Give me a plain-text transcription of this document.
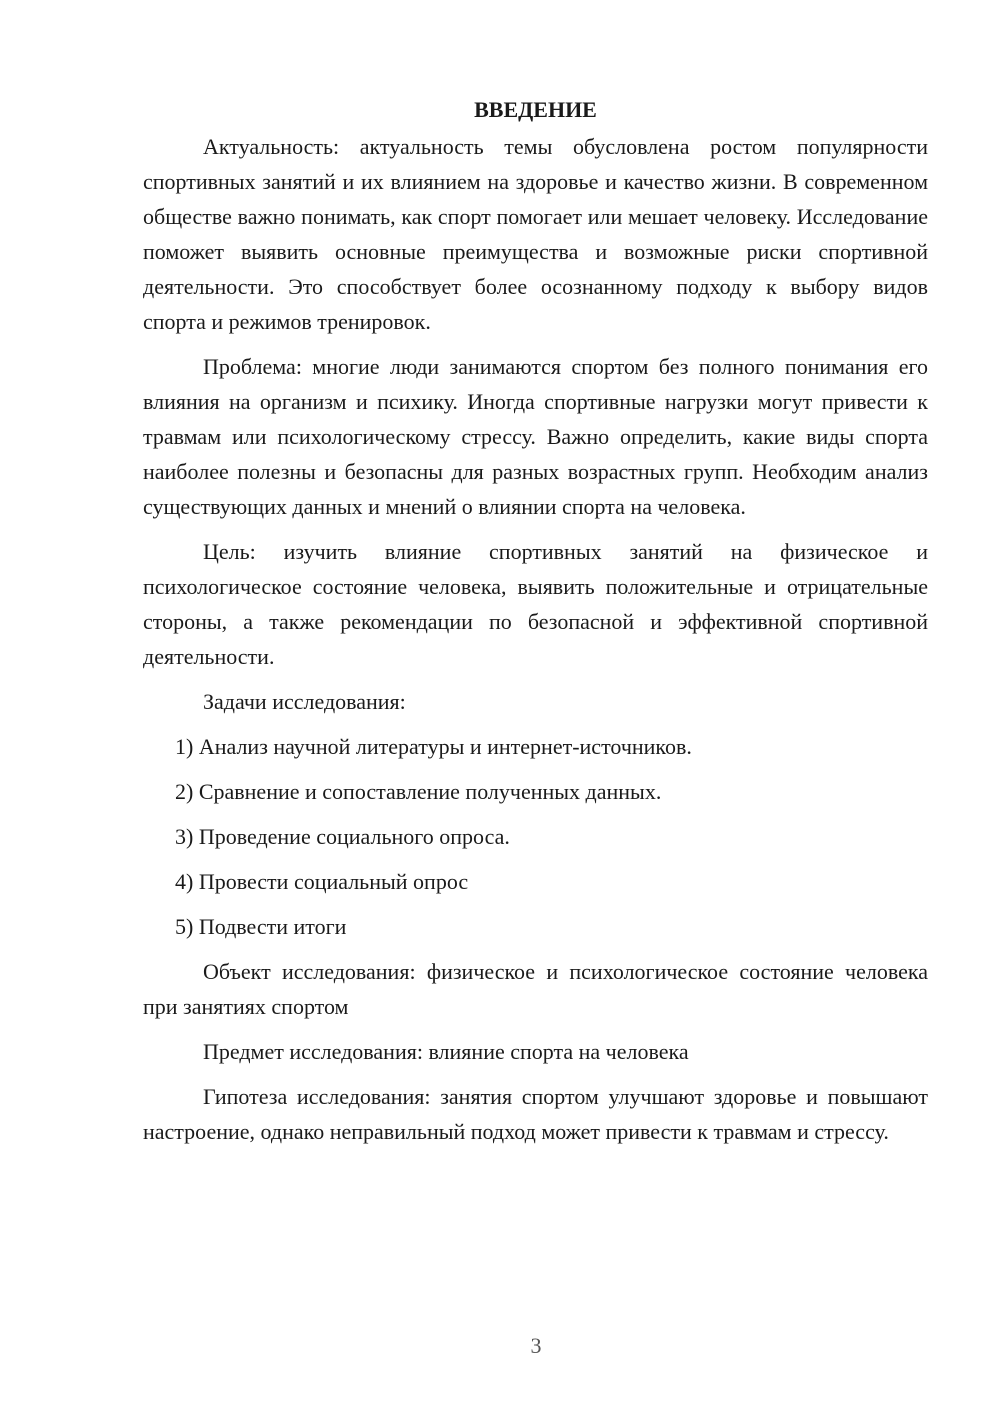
ВВЕДЕНИЕ

Актуальность: актуальность темы обусловлена ростом популярности спортивных занятий и их влиянием на здоровье и качество жизни. В современном обществе важно понимать, как спорт помогает или мешает человеку. Исследование поможет выявить основные преимущества и возможные риски спортивной деятельности. Это способствует более осознанному подходу к выбору видов спорта и режимов тренировок.

Проблема: многие люди занимаются спортом без полного понимания его влияния на организм и психику. Иногда спортивные нагрузки могут привести к травмам или психологическому стрессу. Важно определить, какие виды спорта наиболее полезны и безопасны для разных возрастных групп. Необходим анализ существующих данных и мнений о влиянии спорта на человека.

Цель: изучить влияние спортивных занятий на физическое и психологическое состояние человека, выявить положительные и отрицательные стороны, а также рекомендации по безопасной и эффективной спортивной деятельности.

Задачи исследования:

1) Анализ научной литературы и интернет-источников.

2) Сравнение и сопоставление полученных данных.

3) Проведение социального опроса.

4) Провести социальный опрос

5) Подвести итоги

Объект исследования: физическое и психологическое состояние человека при занятиях спортом

Предмет исследования: влияние спорта на человека

Гипотеза исследования: занятия спортом улучшают здоровье и повышают настроение, однако неправильный подход может привести к травмам и стрессу.

3
